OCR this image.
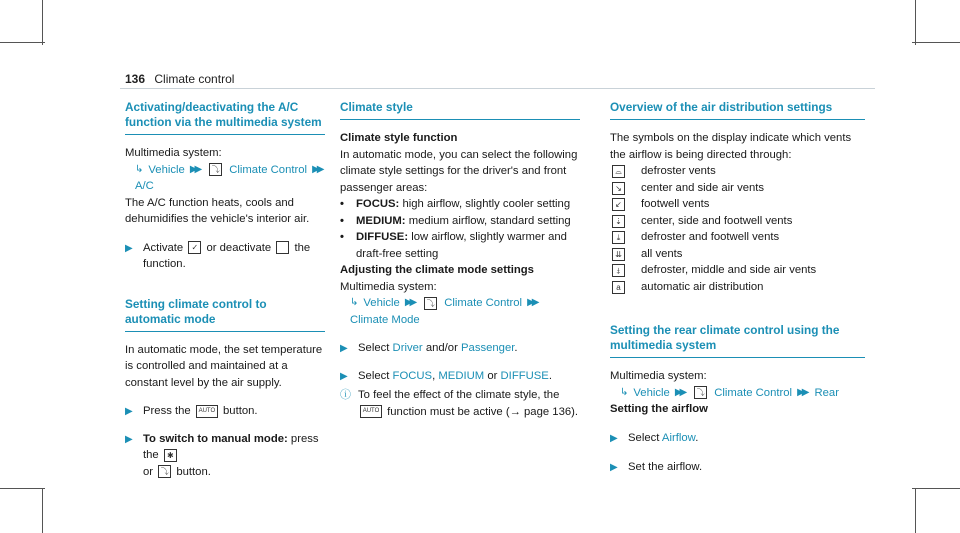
136 Climate control
Activating/deactivating the A/C function via the multimedia system
Multimedia system:
↳ Vehicle ▶▶	⤵ Climate Control ▶▶
A/C
The A/C function heats, cools and dehumidifies the vehicle's interior air.
▶ Activate ✓ or deactivate the function.
Setting climate control to automatic mode
In automatic mode, the set temperature is controlled and maintained at a constant level by the air supply.
▶ Press the AUTO button.
▶ To switch to manual mode: press the ✱
or ⤵ button.
Climate style
Climate style function
In automatic mode, you can select the following climate style settings for the driver's and front passenger areas:
•	FOCUS: high airflow, slightly cooler setting
•	MEDIUM: medium airflow, standard setting
•	DIFFUSE: low airflow, slightly warmer and draft-free setting
Adjusting the climate mode settings
Multimedia system:
↳ Vehicle ▶▶	⤵ Climate Control ▶▶
Climate Mode
▶ Select Driver and/or Passenger.
▶ Select FOCUS, MEDIUM or DIFFUSE.
ⓘ To feel the effect of the climate style, the
AUTO function must be active (→ page 136).
Overview of the air distribution settings
The symbols on the display indicate which vents the airflow is being directed through:
⌓ defroster vents
↘ center and side air vents
↙ footwell vents
⇣ center, side and footwell vents
⤓	defroster and footwell vents
⇊ all vents
⤈	defroster, middle and side air vents
a	automatic air distribution
Setting the rear climate control using the multimedia system
Multimedia system:
↳ Vehicle ▶▶	⤵ Climate Control ▶▶ Rear
Setting the airflow
▶ Select Airflow.
▶ Set the airflow.
